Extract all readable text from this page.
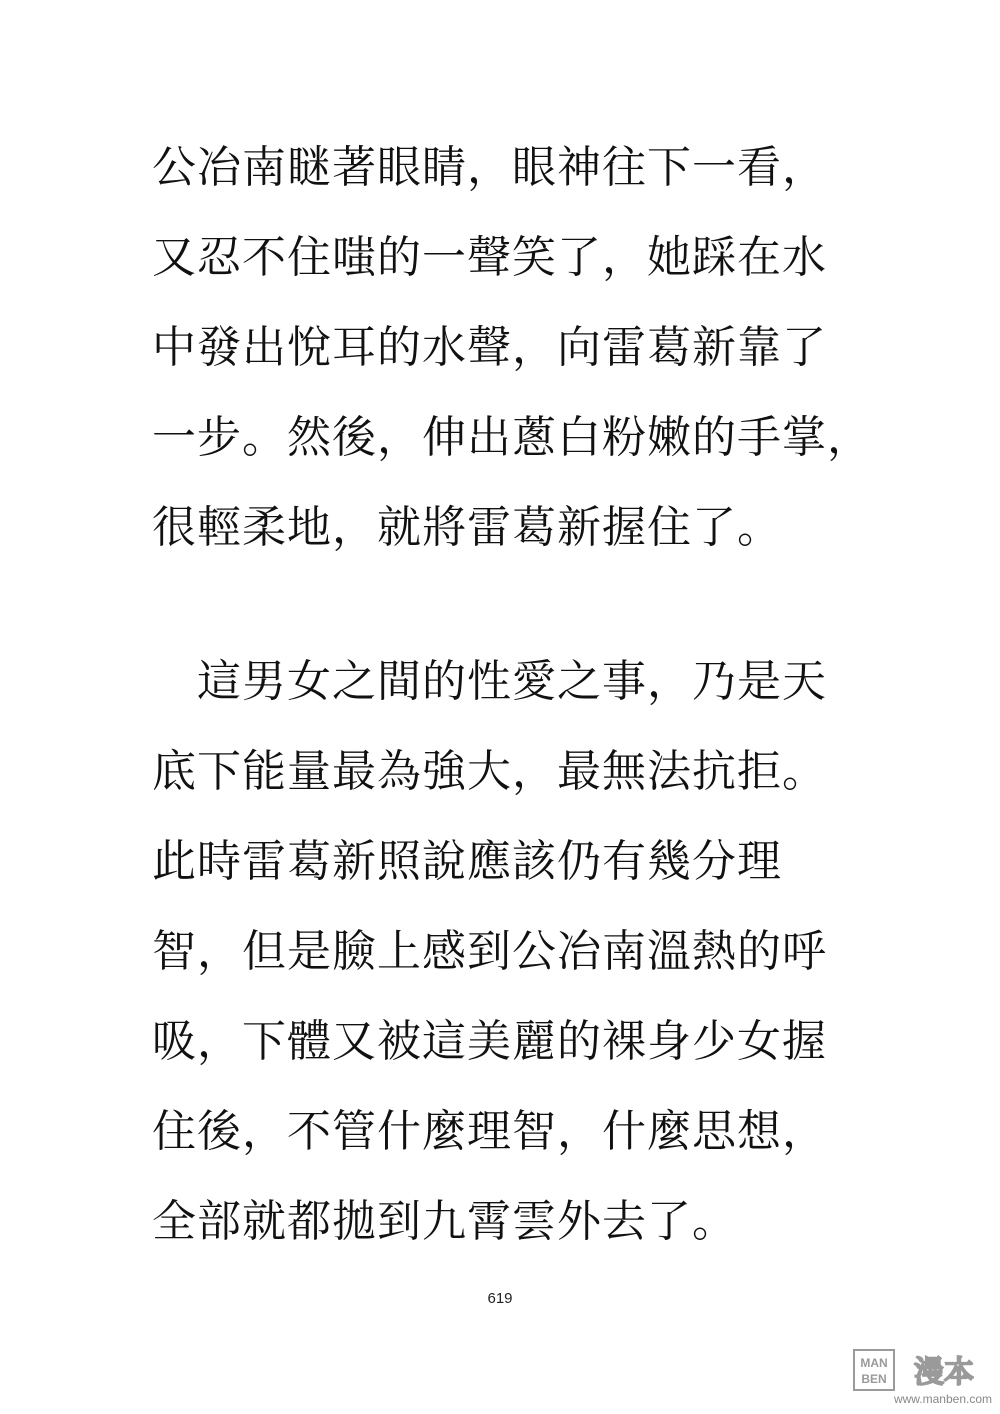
公冶南瞇著眼睛，眼神往下一看，
又忍不住嗤的一聲笑了，她踩在水
中發出悅耳的水聲，向雷葛新靠了
一步。然後，伸出蔥白粉嫩的手掌，
很輕柔地，就將雷葛新握住了。
　這男女之間的性愛之事，乃是天
底下能量最為強大，最無法抗拒。
此時雷葛新照說應該仍有幾分理
智，但是臉上感到公冶南溫熱的呼
吸，下體又被這美麗的裸身少女握
住後，不管什麼理智，什麼思想，
全部就都拋到九霄雲外去了。
619
MAN
BEN 漫本
www.manben.com
